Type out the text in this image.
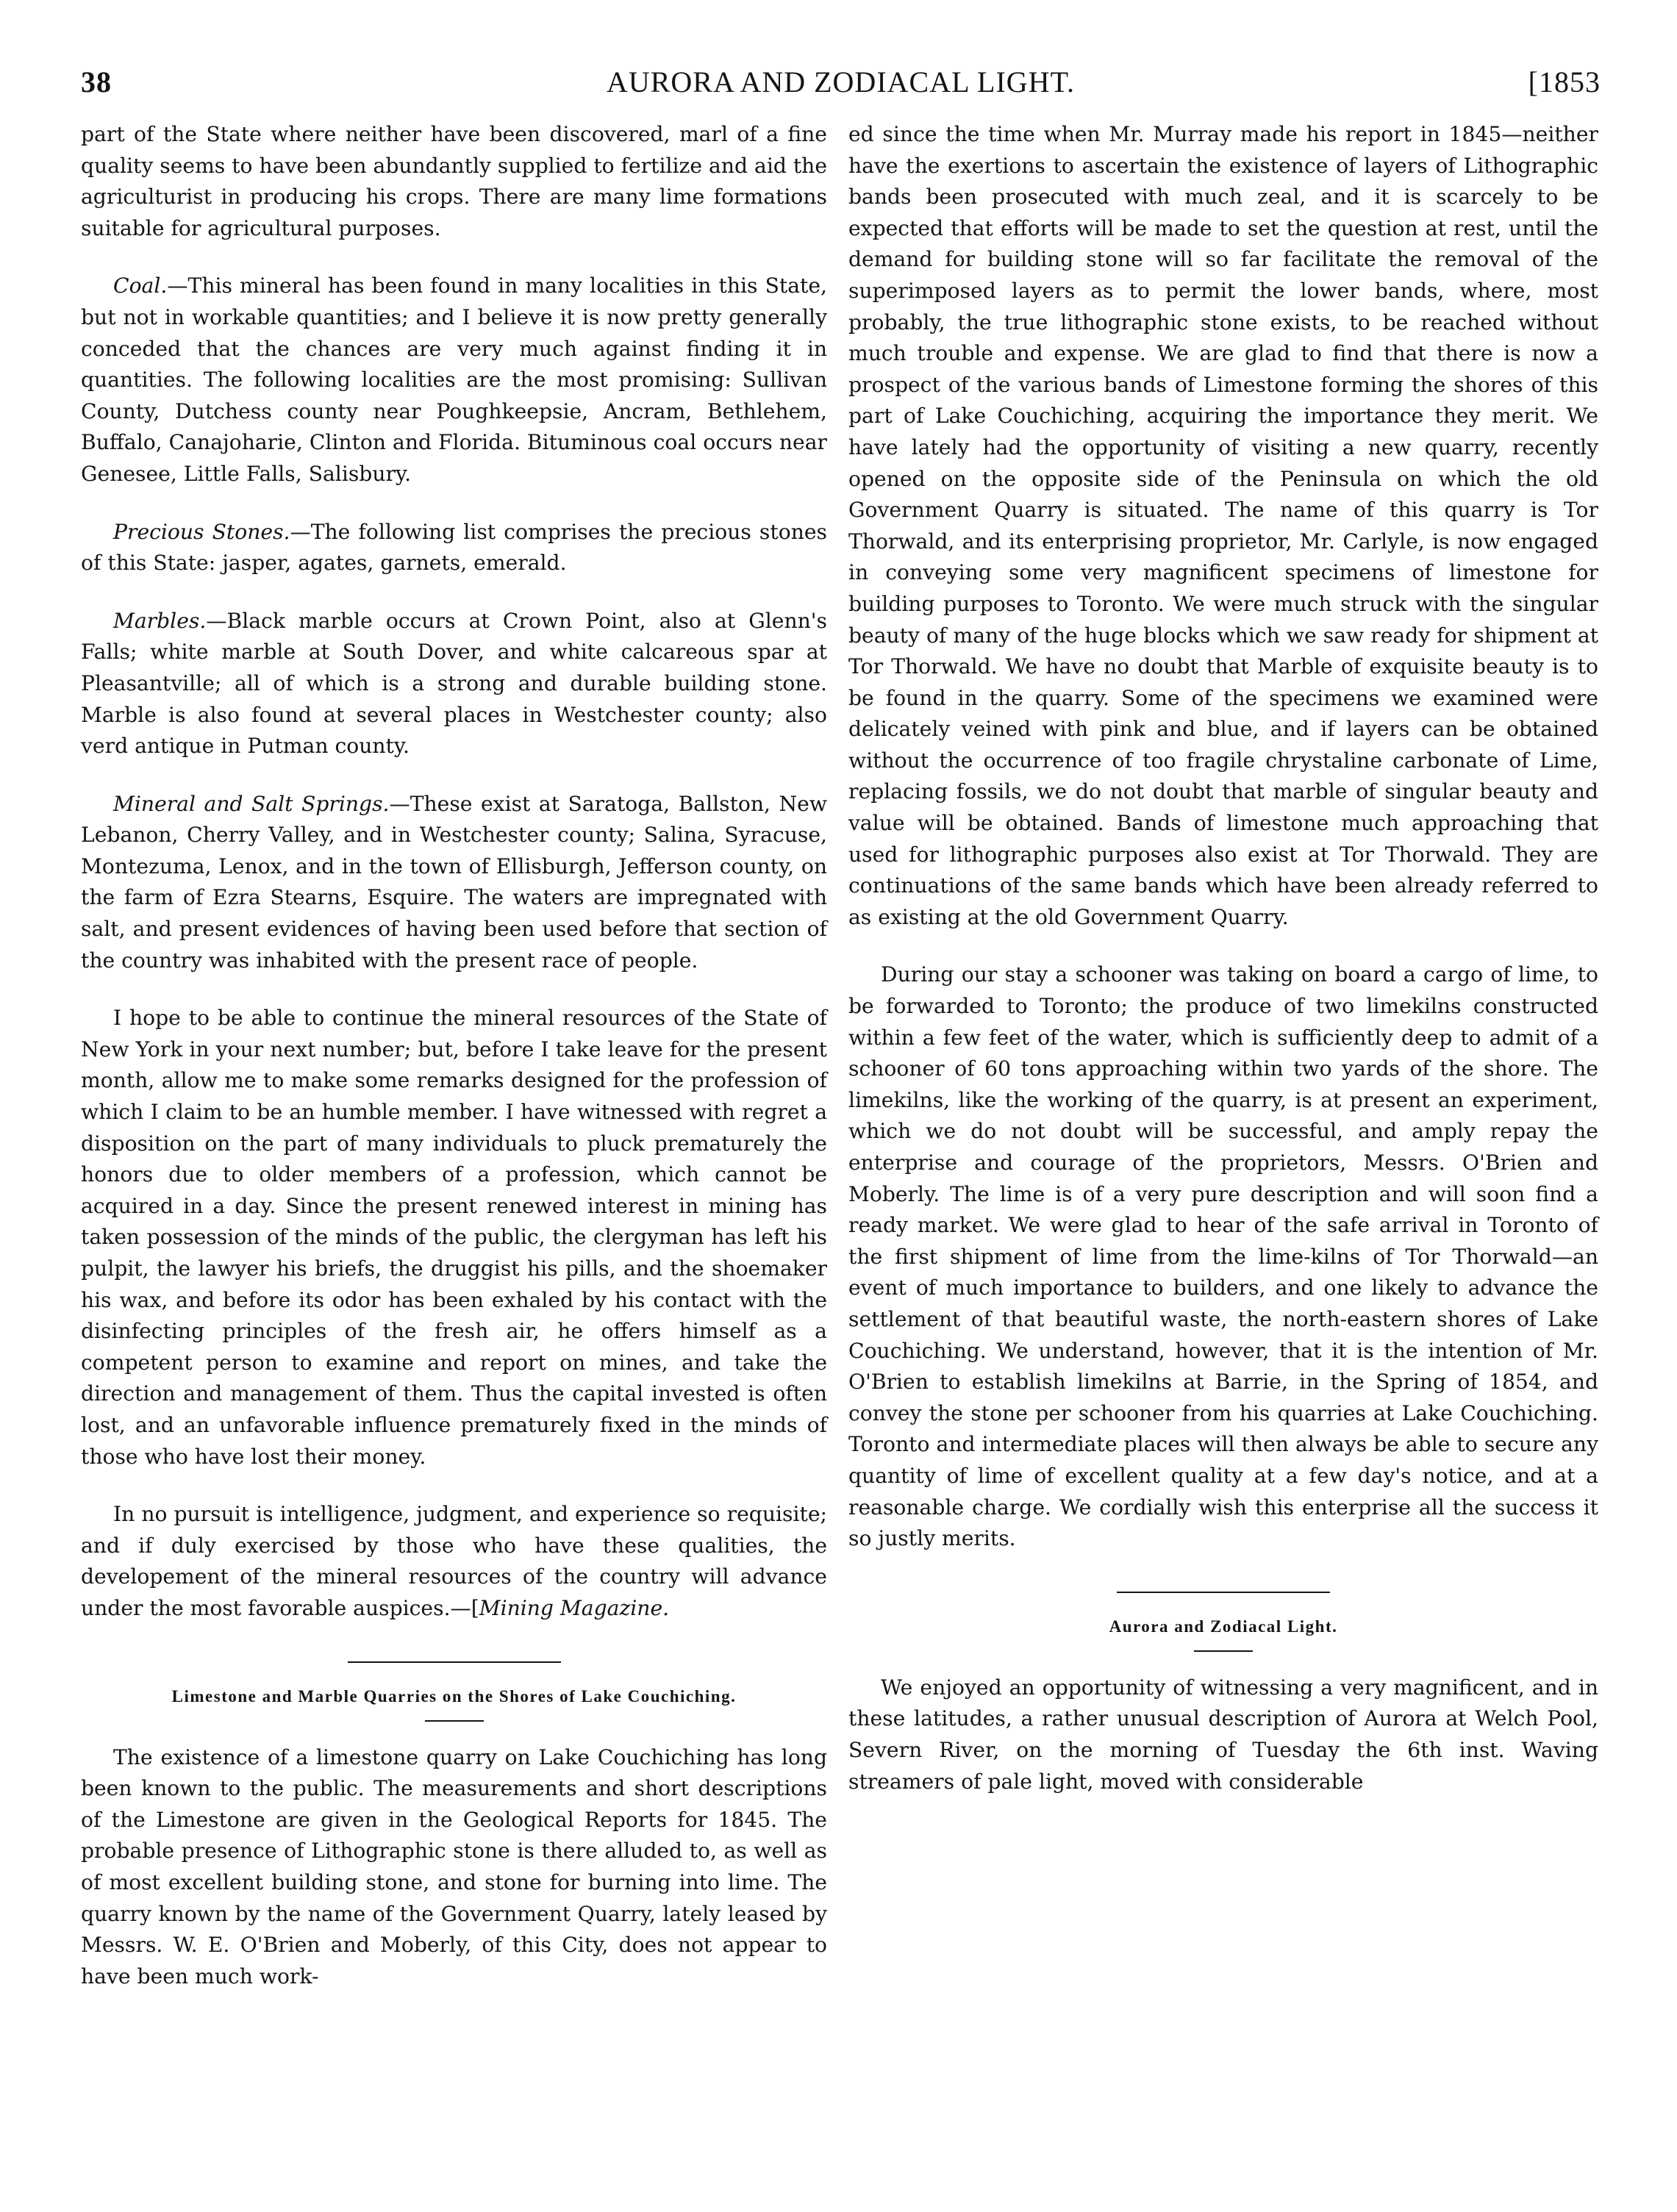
38	AURORA AND ZODIACAL LIGHT.	[1853

part of the State where neither have been discovered, marl of a fine quality seems to have been abundantly supplied to fertilize and aid the agriculturist in producing his crops. There are many lime formations suitable for agricultural purposes.

Coal.—This mineral has been found in many localities in this State, but not in workable quantities; and I believe it is now pretty generally conceded that the chances are very much against finding it in quantities. The following localities are the most promising: Sullivan County, Dutchess county near Poughkeepsie, Ancram, Bethlehem, Buffalo, Canajoharie, Clinton and Florida. Bituminous coal occurs near Genesee, Little Falls, Salisbury.

Precious Stones.—The following list comprises the precious stones of this State: jasper, agates, garnets, emerald.

Marbles.—Black marble occurs at Crown Point, also at Glenn's Falls; white marble at South Dover, and white calcareous spar at Pleasantville; all of which is a strong and durable building stone. Marble is also found at several places in Westchester county; also verd antique in Putman county.

Mineral and Salt Springs.—These exist at Saratoga, Ballston, New Lebanon, Cherry Valley, and in Westchester county; Salina, Syracuse, Montezuma, Lenox, and in the town of Ellisburgh, Jefferson county, on the farm of Ezra Stearns, Esquire. The waters are impregnated with salt, and present evidences of having been used before that section of the country was inhabited with the present race of people.

I hope to be able to continue the mineral resources of the State of New York in your next number; but, before I take leave for the present month, allow me to make some remarks designed for the profession of which I claim to be an humble member. I have witnessed with regret a disposition on the part of many individuals to pluck prematurely the honors due to older members of a profession, which cannot be acquired in a day. Since the present renewed interest in mining has taken possession of the minds of the public, the clergyman has left his pulpit, the lawyer his briefs, the druggist his pills, and the shoemaker his wax, and before its odor has been exhaled by his contact with the disinfecting principles of the fresh air, he offers himself as a competent person to examine and report on mines, and take the direction and management of them. Thus the capital invested is often lost, and an unfavorable influence prematurely fixed in the minds of those who have lost their money.

In no pursuit is intelligence, judgment, and experience so requisite; and if duly exercised by those who have these qualities, the developement of the mineral resources of the country will advance under the most favorable auspices.—[Mining Magazine.

Limestone and Marble Quarries on the Shores of Lake Couchiching.

The existence of a limestone quarry on Lake Couchiching has long been known to the public. The measurements and short descriptions of the Limestone are given in the Geological Reports for 1845. The probable presence of Lithographic stone is there alluded to, as well as of most excellent building stone, and stone for burning into lime. The quarry known by the name of the Government Quarry, lately leased by Messrs. W. E. O'Brien and Moberly, of this City, does not appear to have been much work-

ed since the time when Mr. Murray made his report in 1845—neither have the exertions to ascertain the existence of layers of Lithographic bands been prosecuted with much zeal, and it is scarcely to be expected that efforts will be made to set the question at rest, until the demand for building stone will so far facilitate the removal of the superimposed layers as to permit the lower bands, where, most probably, the true lithographic stone exists, to be reached without much trouble and expense. We are glad to find that there is now a prospect of the various bands of Limestone forming the shores of this part of Lake Couchiching, acquiring the importance they merit. We have lately had the opportunity of visiting a new quarry, recently opened on the opposite side of the Peninsula on which the old Government Quarry is situated. The name of this quarry is Tor Thorwald, and its enterprising proprietor, Mr. Carlyle, is now engaged in conveying some very magnificent specimens of limestone for building purposes to Toronto. We were much struck with the singular beauty of many of the huge blocks which we saw ready for shipment at Tor Thorwald. We have no doubt that Marble of exquisite beauty is to be found in the quarry. Some of the specimens we examined were delicately veined with pink and blue, and if layers can be obtained without the occurrence of too fragile chrystaline carbonate of Lime, replacing fossils, we do not doubt that marble of singular beauty and value will be obtained. Bands of limestone much approaching that used for lithographic purposes also exist at Tor Thorwald. They are continuations of the same bands which have been already referred to as existing at the old Government Quarry.

During our stay a schooner was taking on board a cargo of lime, to be forwarded to Toronto; the produce of two limekilns constructed within a few feet of the water, which is sufficiently deep to admit of a schooner of 60 tons approaching within two yards of the shore. The limekilns, like the working of the quarry, is at present an experiment, which we do not doubt will be successful, and amply repay the enterprise and courage of the proprietors, Messrs. O'Brien and Moberly. The lime is of a very pure description and will soon find a ready market. We were glad to hear of the safe arrival in Toronto of the first shipment of lime from the lime-kilns of Tor Thorwald—an event of much importance to builders, and one likely to advance the settlement of that beautiful waste, the north-eastern shores of Lake Couchiching. We understand, however, that it is the intention of Mr. O'Brien to establish limekilns at Barrie, in the Spring of 1854, and convey the stone per schooner from his quarries at Lake Couchiching. Toronto and intermediate places will then always be able to secure any quantity of lime of excellent quality at a few day's notice, and at a reasonable charge. We cordially wish this enterprise all the success it so justly merits.

Aurora and Zodiacal Light.

We enjoyed an opportunity of witnessing a very magnificent, and in these latitudes, a rather unusual description of Aurora at Welch Pool, Severn River, on the morning of Tuesday the 6th inst. Waving streamers of pale light, moved with considerable
